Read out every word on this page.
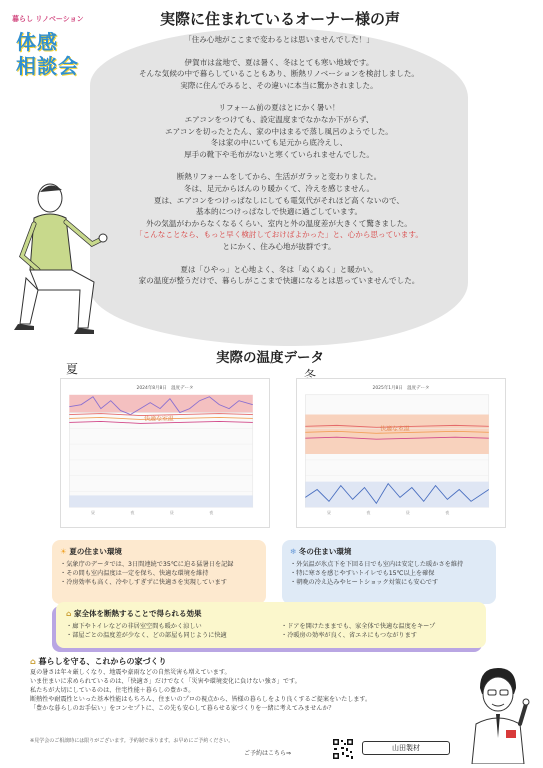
暮らし リノベーション
体感
相談会
実際に住まれているオーナー様の声

「住み心地がここまで変わるとは思いませんでした！」

伊賀市は盆地で、夏は暑く、冬はとても寒い地域です。

そんな気候の中で暮らしていることもあり、断熱リノベーションを検討しました。

実際に住んでみると、その違いに本当に驚かされました。

リフォーム前の夏はとにかく暑い！

エアコンをつけても、設定温度までなかなか下がらず、

エアコンを切ったとたん、家の中はまるで蒸し風呂のようでした。

冬は家の中にいても足元から底冷えし、

厚手の靴下や毛布がないと寒くていられませんでした。

断熱リフォームをしてから、生活がガラッと変わりました。

冬は、足元からほんのり暖かくて、冷えを感じません。

夏は、エアコンをつけっぱなしにしても電気代がそれほど高くないので、

基本的につけっぱなしで快適に過ごしています。

外の気温がわからなくなるくらい、室内と外の温度差が大きくて驚きました。

「こんなことなら、もっと早く検討しておけばよかった」と、心から思っています。

とにかく、住み心地が抜群です。

夏は「ひやっ」と心地よく、冬は「ぬくぬく」と暖かい。

家の温度が整うだけで、暮らしがここまで快適になるとは思っていませんでした。

実際の温度データ
夏	冬
2024年8月8日　温度データ
快適な室温
昼	夜	昼	夜
2025年1月8日　温度データ
快適な室温
昼	夜	昼	夜
☀ 夏の住まい環境
・ 気象庁のデータでは、3日間連続で35℃に迫る猛暑日を記録
・ その間も室内温度は一定を保ち、快適な環境を維持
・ 冷房効率も高く、冷やしすぎずに快適さを実現しています
❄ 冬の住まい環境
・ 外気温が氷点下を下回る日でも室内は安定した暖かさを維持
・ 特に寒さを感じやすいトイレでも15℃以上を確保
・ 朝晩の冷え込みやヒートショック対策にも安心です
⌂ 家全体を断熱することで得られる効果
・ 廊下やトイレなどの非居室空間も暖かく涼しい
・ 部屋ごとの温度差が少なく、どの部屋も同じように快適
・ ドアを開けたままでも、家全体で快適な温度をキープ
・ 冷暖房の効率が良く、省エネにもつながります
⌂ 暮らしを守る、これからの家づくり

夏の暑さは年々厳しくなり、地震や豪雨などの自然災害も増えています。

いま住まいに求められているのは、「快適さ」だけでなく「災害や環境変化に負けない強さ」です。

私たちが大切にしているのは、住宅性能＋暮らしの豊かさ。

断熱性や耐震性といった基本性能はもちろん、住まいのプロの視点から、皆様の暮らしをより良くするご提案をいたします。

「豊かな暮らしのお手伝い」をコンセプトに、この先も安心して暮らせる家づくりを一緒に考えてみませんか？

※見学会のご相談時には限りがございます。予約制で承ります。お早めにご予約ください。
ご予約はこちら⇒
山田製材
